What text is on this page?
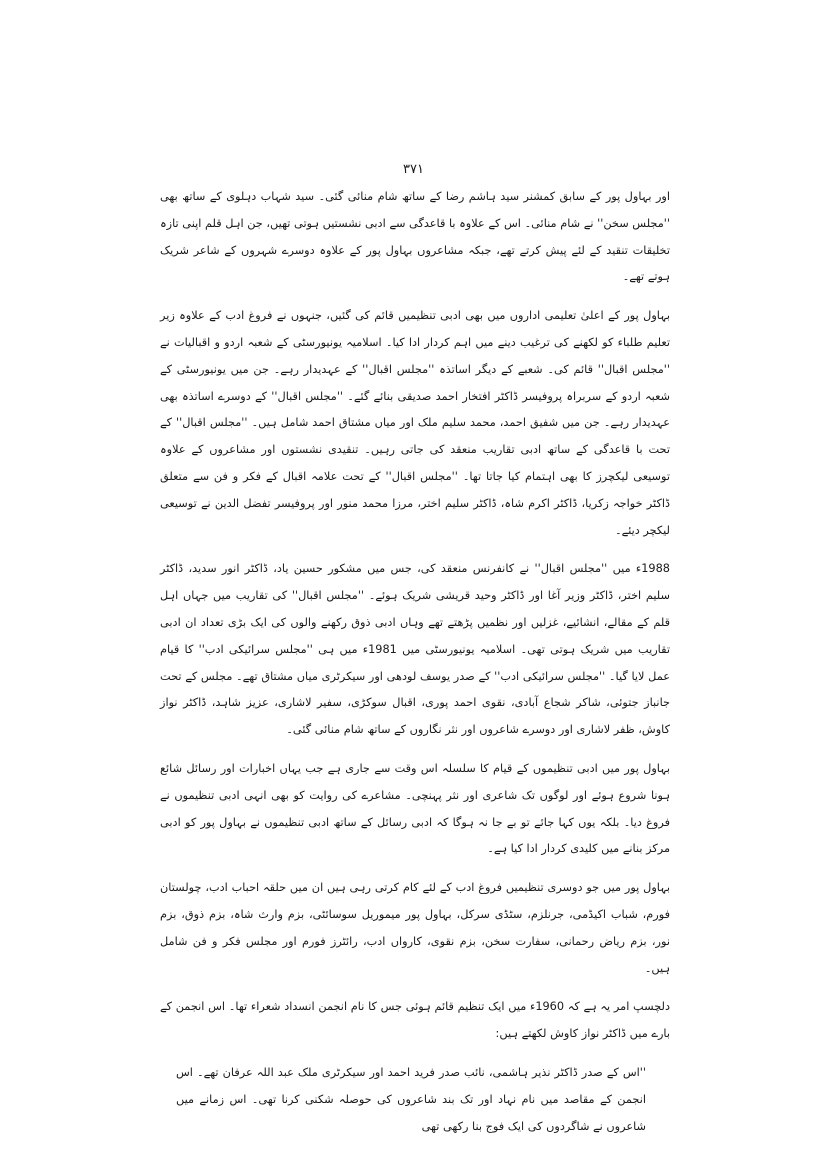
۳۷۱

اور بہاول پور کے سابق کمشنر سید ہاشم رضا کے ساتھ شام منائی گئی۔ سید شہاب دہلوی کے ساتھ بھی ''مجلس سخن'' نے شام منائی۔ اس کے علاوہ با قاعدگی سے ادبی نشستیں ہوتی تھیں، جن اہل قلم اپنی تازہ تخلیقات تنقید کے لئے پیش کرتے تھے، جبکہ مشاعروں بہاول پور کے علاوہ دوسرے شہروں کے شاعر شریک ہوتے تھے۔

بہاول پور کے اعلیٰ تعلیمی اداروں میں بھی ادبی تنظیمیں قائم کی گئیں، جنہوں نے فروغ ادب کے علاوہ زیر تعلیم طلباء کو لکھنے کی ترغیب دینے میں اہم کردار ادا کیا۔ اسلامیہ یونیورسٹی کے شعبہ اردو و اقبالیات نے ''مجلس اقبال'' قائم کی۔ شعبے کے دیگر اساتذہ ''مجلس اقبال'' کے عہدیدار رہے۔ جن میں یونیورسٹی کے شعبہ اردو کے سربراہ پروفیسر ڈاکٹر افتخار احمد صدیقی بنائے گئے۔ ''مجلس اقبال'' کے دوسرے اساتذہ بھی عہدیدار رہے۔ جن میں شفیق احمد، محمد سلیم ملک اور میاں مشتاق احمد شامل ہیں۔ ''مجلس اقبال'' کے تحت با قاعدگی کے ساتھ ادبی تقاریب منعقد کی جاتی رہیں۔ تنقیدی نشستوں اور مشاعروں کے علاوہ توسیعی لیکچرز کا بھی اہتمام کیا جاتا تھا۔ ''مجلس اقبال'' کے تحت علامہ اقبال کے فکر و فن سے متعلق ڈاکٹر خواجہ زکریا، ڈاکٹر اکرم شاہ، ڈاکٹر سلیم اختر، مرزا محمد منور اور پروفیسر تفضل الدین نے توسیعی لیکچر دیئے۔

1988ء میں ''مجلس اقبال'' نے کانفرنس منعقد کی، جس میں مشکور حسین یاد، ڈاکٹر انور سدید، ڈاکٹر سلیم اختر، ڈاکٹر وزیر آغا اور ڈاکٹر وحید قریشی شریک ہوئے۔ ''مجلس اقبال'' کی تقاریب میں جہاں اہل قلم کے مقالے، انشائیے، غزلیں اور نظمیں پڑھتے تھے وہاں ادبی ذوق رکھنے والوں کی ایک بڑی تعداد ان ادبی تقاریب میں شریک ہوتی تھی۔ اسلامیہ یونیورسٹی میں 1981ء میں ہی ''مجلس سرائیکی ادب'' کا قیام عمل لایا گیا۔ ''مجلس سرائیکی ادب'' کے صدر یوسف لودھی اور سیکرٹری میاں مشتاق تھے۔ مجلس کے تحت جانباز جتوئی، شاکر شجاع آبادی، نقوی احمد پوری، اقبال سوکڑی، سفیر لاشاری، عزیز شاہد، ڈاکٹر نواز کاوش، ظفر لاشاری اور دوسرے شاعروں اور نثر نگاروں کے ساتھ شام منائی گئی۔

بہاول پور میں ادبی تنظیموں کے قیام کا سلسلہ اس وقت سے جاری ہے جب یہاں اخبارات اور رسائل شائع ہونا شروع ہوئے اور لوگوں تک شاعری اور نثر پہنچی۔ مشاعرے کی روایت کو بھی انہی ادبی تنظیموں نے فروغ دیا۔ بلکہ یوں کہا جائے تو بے جا نہ ہوگا کہ ادبی رسائل کے ساتھ ادبی تنظیموں نے بہاول پور کو ادبی مرکز بنانے میں کلیدی کردار ادا کیا ہے۔

بہاول پور میں جو دوسری تنظیمیں فروغ ادب کے لئے کام کرتی رہی ہیں ان میں حلقہ احباب ادب، چولستان فورم، شباب اکیڈمی، جرنلزم، سٹڈی سرکل، بہاول پور میموریل سوسائٹی، بزم وارث شاہ، بزم ذوق، بزم نور، بزم ریاض رحمانی، سفارت سخن، بزم نقوی، کارواں ادب، رائٹرز فورم اور مجلس فکر و فن شامل ہیں۔

دلچسپ امر یہ ہے کہ 1960ء میں ایک تنظیم قائم ہوئی جس کا نام انجمن انسداد شعراء تھا۔ اس انجمن کے بارے میں ڈاکٹر نواز کاوش لکھتے ہیں:

''اس کے صدر ڈاکٹر نذیر ہاشمی، نائب صدر فرید احمد اور سیکرٹری ملک عبد اللہ عرفان تھے۔ اس انجمن کے مقاصد میں نام نہاد اور تک بند شاعروں کی حوصلہ شکنی کرنا تھی۔ اس زمانے میں شاعروں نے شاگردوں کی ایک فوج بنا رکھی تھی
